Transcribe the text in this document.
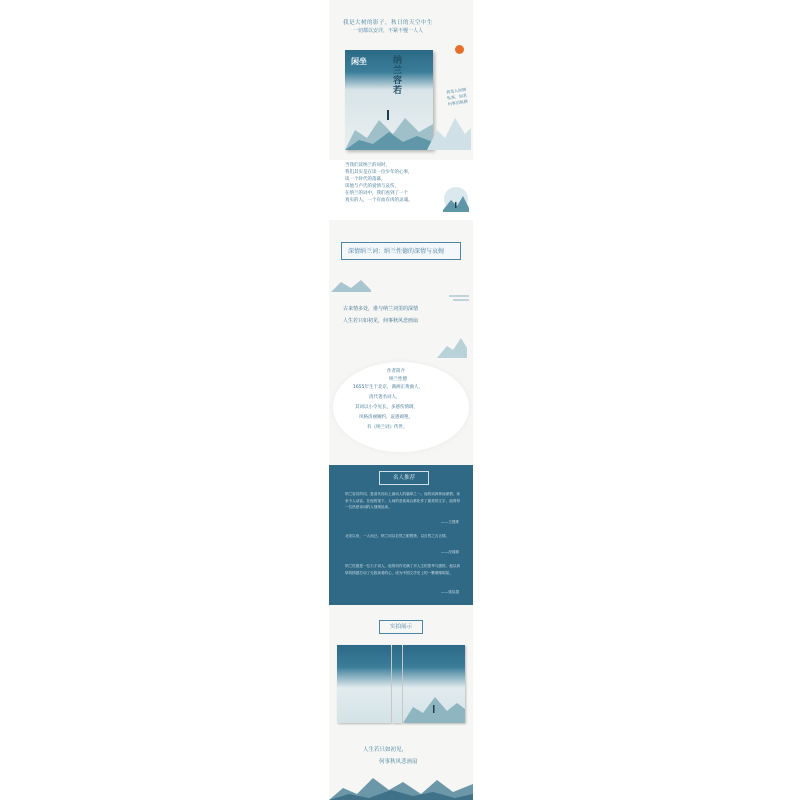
我是大树的影子，秋日的天空中生
一切都以安详，不紧不慢一人人
闲坐	纳兰容若	我是人间惆怅客，知君何事泪纵横
当我们读纳兰的词时，
我们其实是在读一位少年的心事，
读一个时代的落幕，
读他与卢氏的爱情与哀伤，
在纳兰的词中，我们看到了一个
真实的人，一个有血有肉的灵魂。
深情纳兰词：纳兰性德的深情与哀婉
古来情多处，谁与纳兰词里的深情
人生若只如初见，何事秋风悲画扇
作者简介
纳兰性德
1655年生于北京，满洲正黄旗人，
清代著名词人，
其词以小令见长，多感伤情调，
风格清丽婉约，哀感顽艳，
有《纳兰词》传世。
名人推荐
纳兰容若的词，是清代词坛上最动人的篇章之一。他的词真挚而深情，读来令人动容。在他的笔下，人间的悲欢离合都化作了最美的文字，值得每一位热爱诗词的人细细品读。
——王国维
北宋以来，一人而已。纳兰词以自然之眼观物，以自然之舌言情。
——况周颐
纳兰性德是一位天才词人，他的词作充满了对人生的思考与感悟，他以真挚的情感打动了无数读者的心，成为中国文学史上的一颗璀璨明星。
——梁启超
实拍展示
人生若只如初见，
何事秋风悲画扇
